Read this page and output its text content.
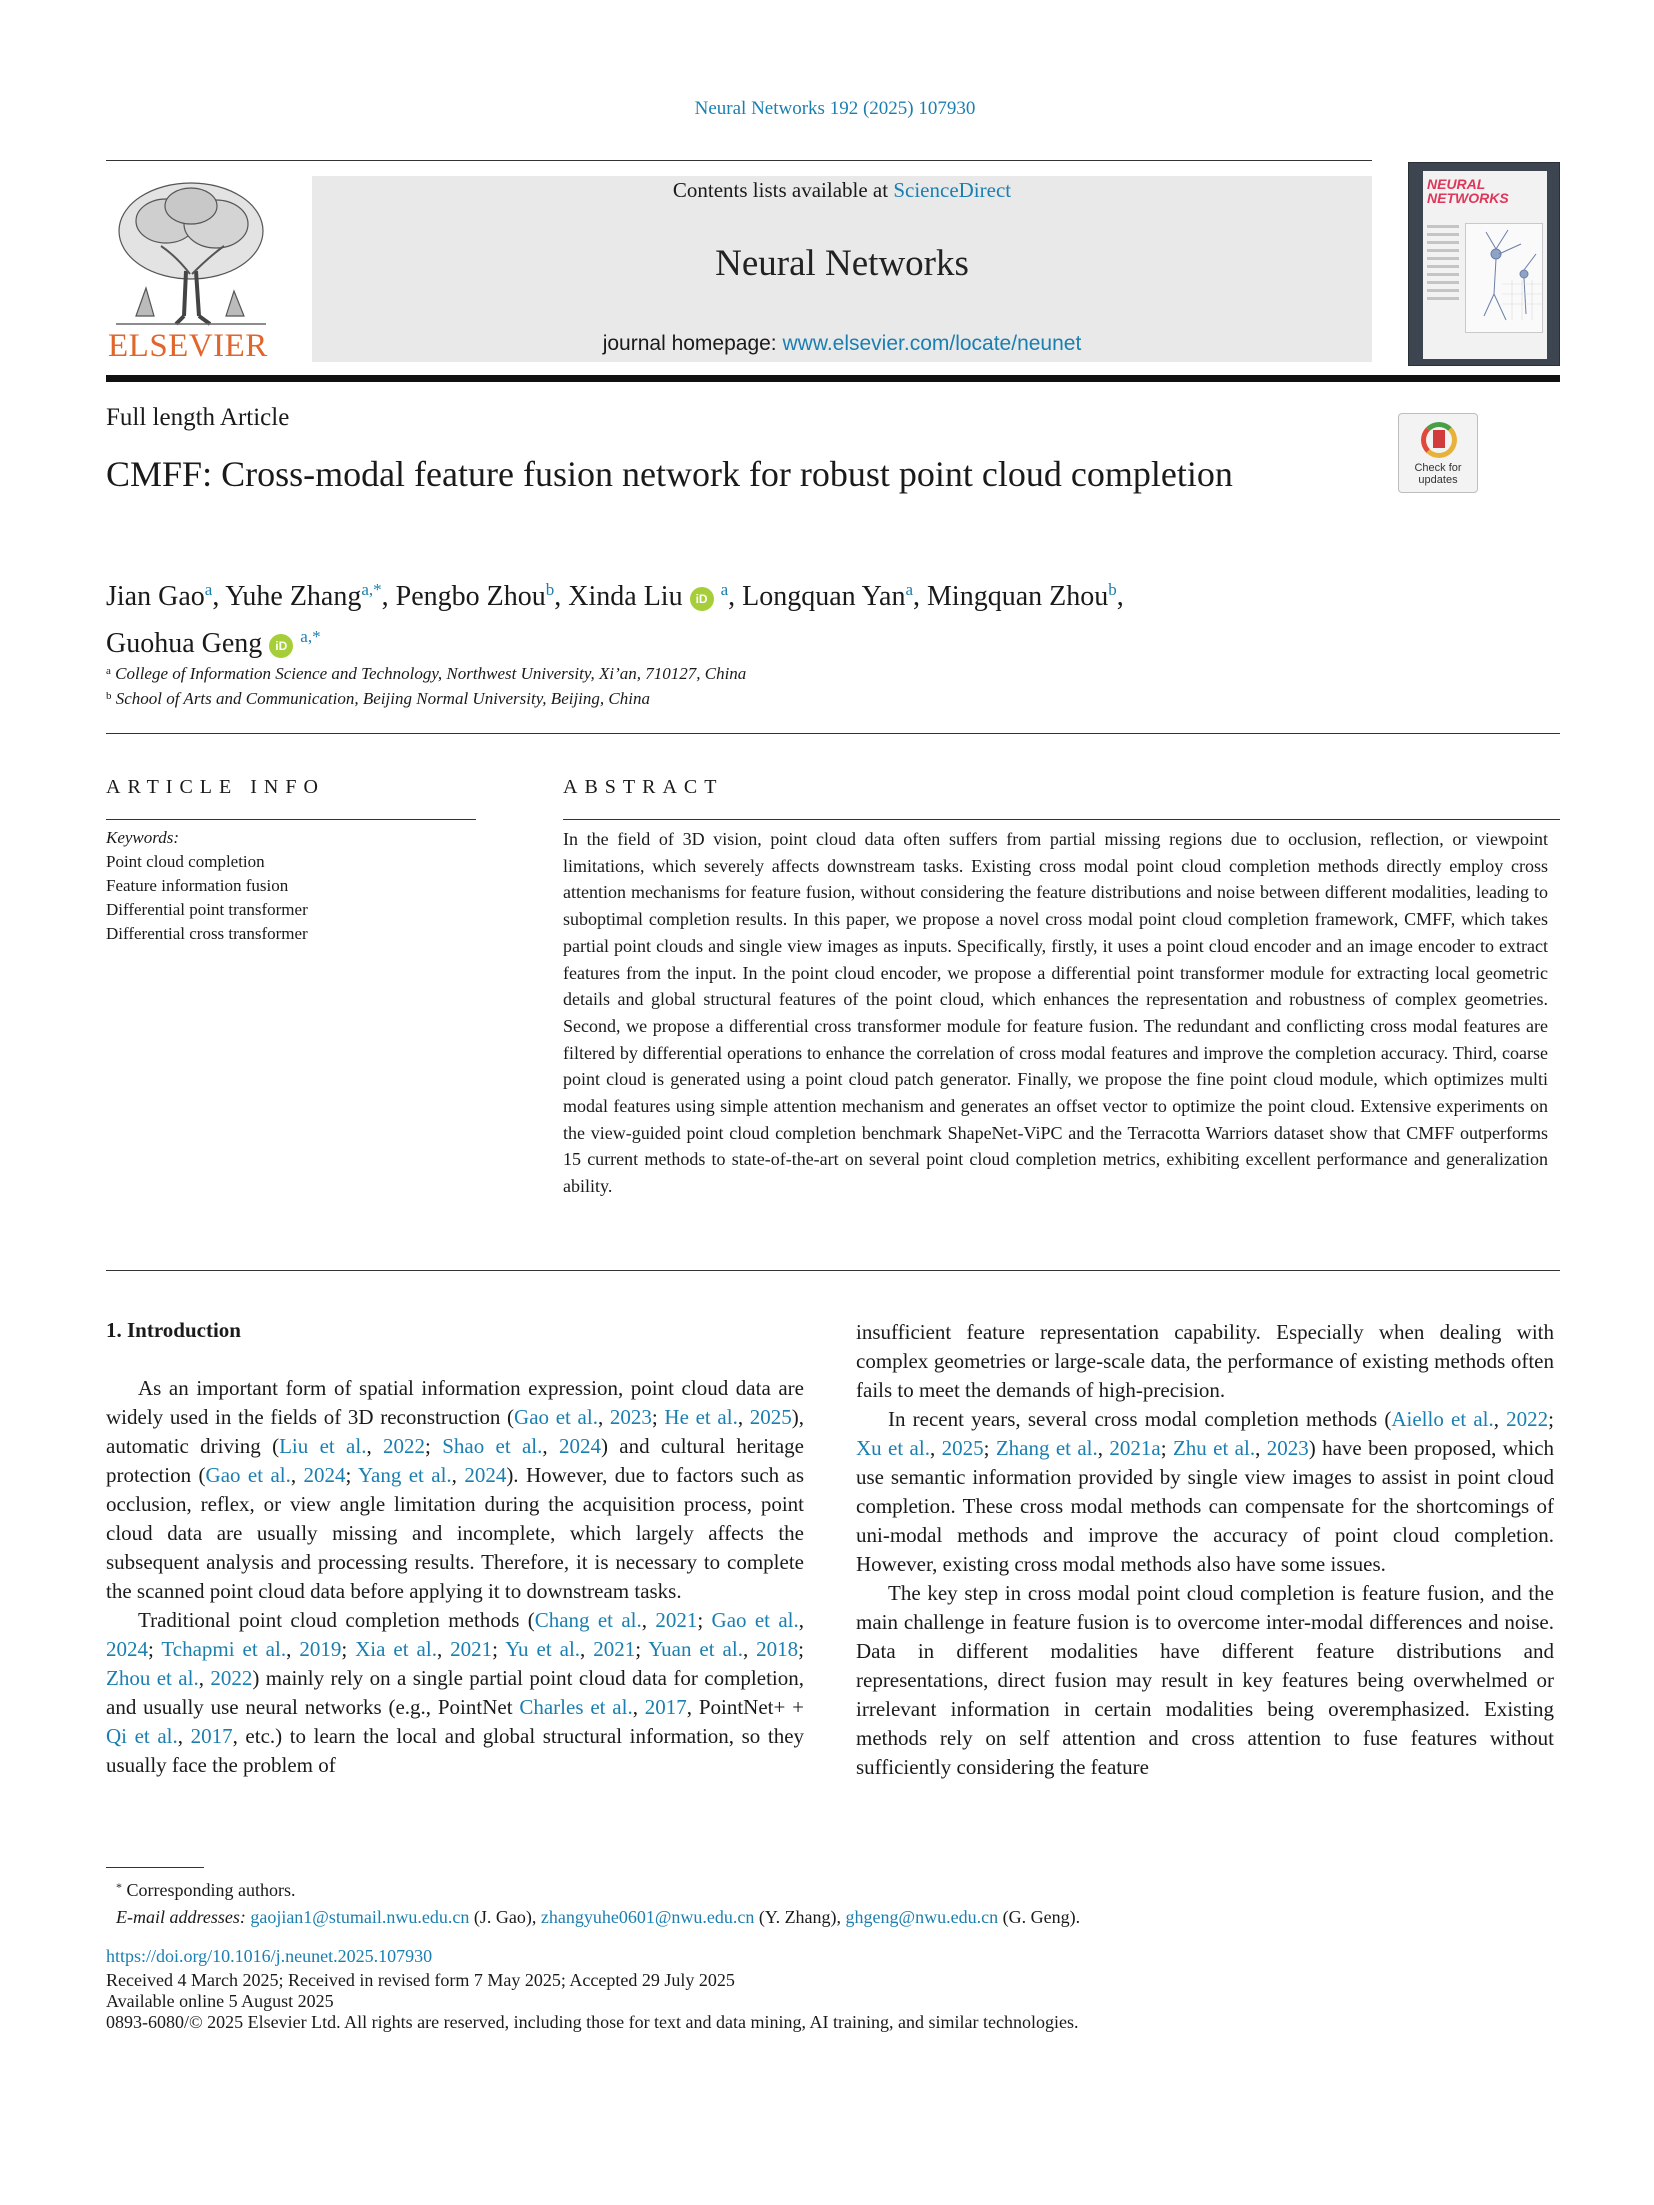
Neural Networks 192 (2025) 107930
ELSEVIER
Contents lists available at ScienceDirect
Neural Networks
journal homepage: www.elsevier.com/locate/neunet
NEURAL NETWORKS
Full length Article
CMFF: Cross-modal feature fusion network for robust point cloud completion	Check for updates
Jian Gao$^a$, Yuhe Zhang$^{a,*}$, Pengbo Zhou$^b$, Xinda Liu iD $^a$, Longquan Yan$^a$, Mingquan Zhou$^b$,
Guohua Geng iD $^{a,*}$
$^a$ College of Information Science and Technology, Northwest University, Xi’an, 710127, China
$^b$ School of Arts and Communication, Beijing Normal University, Beijing, China
ARTICLE INFO
Keywords:
Point cloud completion
Feature information fusion
Differential point transformer
Differential cross transformer
ABSTRACT
In the field of 3D vision, point cloud data often suffers from partial missing regions due to occlusion, reflection, or viewpoint limitations, which severely affects downstream tasks. Existing cross modal point cloud completion methods directly employ cross attention mechanisms for feature fusion, without considering the feature distributions and noise between different modalities, leading to suboptimal completion results. In this paper, we propose a novel cross modal point cloud completion framework, CMFF, which takes partial point clouds and single view images as inputs. Specifically, firstly, it uses a point cloud encoder and an image encoder to extract features from the input. In the point cloud encoder, we propose a differential point transformer module for extracting local geometric details and global structural features of the point cloud, which enhances the representation and robustness of complex geometries. Second, we propose a differential cross transformer module for feature fusion. The redundant and conflicting cross modal features are filtered by differential operations to enhance the correlation of cross modal features and improve the completion accuracy. Third, coarse point cloud is generated using a point cloud patch generator. Finally, we propose the fine point cloud module, which optimizes multi modal features using simple attention mechanism and generates an offset vector to optimize the point cloud. Extensive experiments on the view-guided point cloud completion benchmark ShapeNet-ViPC and the Terracotta Warriors dataset show that CMFF outperforms 15 current methods to state-of-the-art on several point cloud completion metrics, exhibiting excellent performance and generalization ability.
1. Introduction

As an important form of spatial information expression, point cloud data are widely used in the fields of 3D reconstruction (Gao et al., 2023; He et al., 2025), automatic driving (Liu et al., 2022; Shao et al., 2024) and cultural heritage protection (Gao et al., 2024; Yang et al., 2024). However, due to factors such as occlusion, reflex, or view angle limitation during the acquisition process, point cloud data are usually missing and incomplete, which largely affects the subsequent analysis and processing results. Therefore, it is necessary to complete the scanned point cloud data before applying it to downstream tasks.

Traditional point cloud completion methods (Chang et al., 2021; Gao et al., 2024; Tchapmi et al., 2019; Xia et al., 2021; Yu et al., 2021; Yuan et al., 2018; Zhou et al., 2022) mainly rely on a single partial point cloud data for completion, and usually use neural networks (e.g., PointNet Charles et al., 2017, PointNet+ + Qi et al., 2017, etc.) to learn the local and global structural information, so they usually face the problem of

insufficient feature representation capability. Especially when dealing with complex geometries or large-scale data, the performance of existing methods often fails to meet the demands of high-precision.

In recent years, several cross modal completion methods (Aiello et al., 2022; Xu et al., 2025; Zhang et al., 2021a; Zhu et al., 2023) have been proposed, which use semantic information provided by single view images to assist in point cloud completion. These cross modal methods can compensate for the shortcomings of uni-modal methods and improve the accuracy of point cloud completion. However, existing cross modal methods also have some issues.

The key step in cross modal point cloud completion is feature fusion, and the main challenge in feature fusion is to overcome inter-modal differences and noise. Data in different modalities have different feature distributions and representations, direct fusion may result in key features being overwhelmed or irrelevant information in certain modalities being overemphasized. Existing methods rely on self attention and cross attention to fuse features without sufficiently considering the feature

* Corresponding authors.
E-mail addresses: gaojian1@stumail.nwu.edu.cn (J. Gao), zhangyuhe0601@nwu.edu.cn (Y. Zhang), ghgeng@nwu.edu.cn (G. Geng).
https://doi.org/10.1016/j.neunet.2025.107930
Received 4 March 2025; Received in revised form 7 May 2025; Accepted 29 July 2025
Available online 5 August 2025
0893-6080/© 2025 Elsevier Ltd. All rights are reserved, including those for text and data mining, AI training, and similar technologies.
